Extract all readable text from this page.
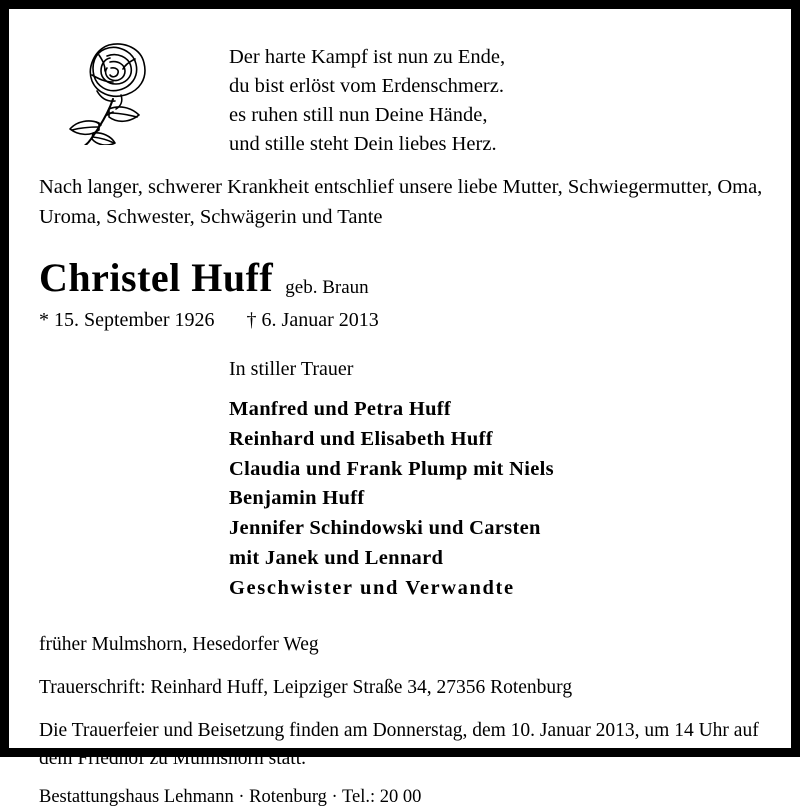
Der harte Kampf ist nun zu Ende,
du bist erlöst vom Erdenschmerz.
es ruhen still nun Deine Hände,
und stille steht Dein liebes Herz.
Nach langer, schwerer Krankheit entschlief unsere liebe Mutter, Schwiegermutter, Oma,
Uroma, Schwester, Schwägerin und Tante
Christel Huff geb. Braun
* 15. September 1926 † 6. Januar 2013
In stiller Trauer
Manfred und Petra Huff
Reinhard und Elisabeth Huff
Claudia und Frank Plump mit Niels
Benjamin Huff
Jennifer Schindowski und Carsten
mit Janek und Lennard
Geschwister und Verwandte
früher Mulmshorn, Hesedorfer Weg
Trauerschrift: Reinhard Huff, Leipziger Straße 34, 27356 Rotenburg
Die Trauerfeier und Beisetzung finden am Donnerstag, dem 10. Januar 2013, um 14 Uhr auf
dem Friedhof zu Mulmshorn statt.
Bestattungshaus Lehmann · Rotenburg · Tel.: 20 00
